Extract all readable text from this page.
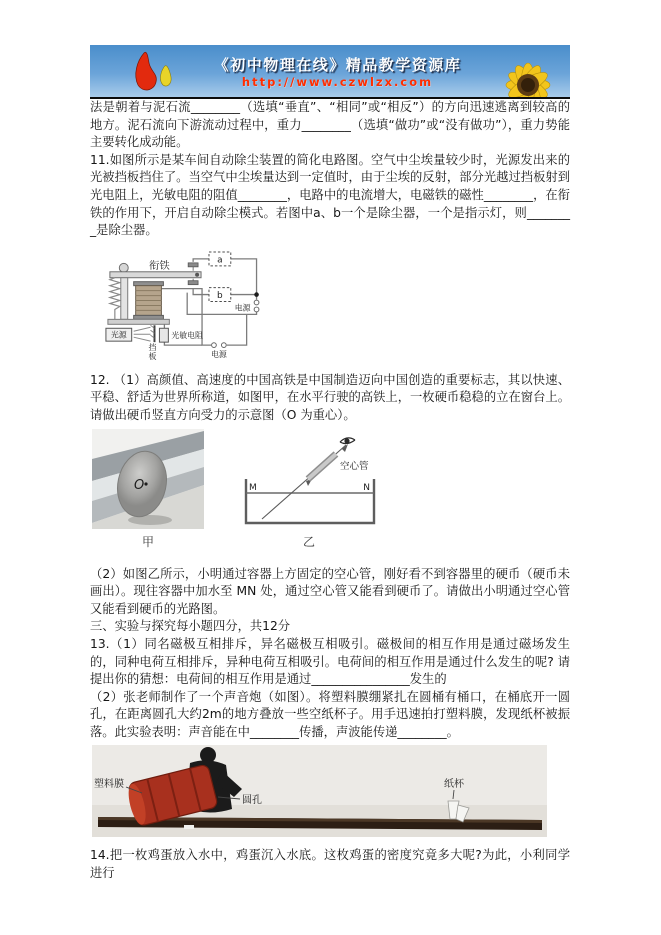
《初中物理在线》精品教学资源库
http://www.czwlzx.com

法是朝着与泥石流________（选填“垂直”、“相同”或“相反”）的方向迅速逃离到较高的地方。泥石流向下游流动过程中，重力________（选填“做功”或“没有做功”），重力势能主要转化成动能。

11.如图所示是某车间自动除尘装置的简化电路图。空气中尘埃量较少时，光源发出来的光被挡板挡住了。当空气中尘埃量达到一定值时，由于尘埃的反射，部分光越过挡板射到光电阻上，光敏电阻的阻值________，电路中的电流增大，电磁铁的磁性________，在衔铁的作用下，开启自动除尘模式。若图中a、b一个是除尘器，一个是指示灯，则________是除尘器。

衔铁	a
b
电源
电源
光源
挡
板
光敏电阻

12. （1）高颜值、高速度的中国高铁是中国制造迈向中国创造的重要标志，其以快速、平稳、舒适为世界所称道，如图甲，在水平行驶的高铁上，一枚硬币稳稳的立在窗台上。请做出硬币竖直方向受力的示意图（O 为重心）。

O
甲
M	N
空心管
乙

（2）如图乙所示，小明通过容器上方固定的空心管，刚好看不到容器里的硬币（硬币未画出）。现往容器中加水至 MN 处，通过空心管又能看到硬币了。请做出小明通过空心管又能看到硬币的光路图。

三、实验与探究每小题四分，共12分

13.（1）同名磁极互相排斥，异名磁极互相吸引。磁极间的相互作用是通过磁场发生的，同种电荷互相排斥，异种电荷互相吸引。电荷间的相互作用是通过什么发生的呢? 请提出你的猜想：电荷间的相互作用是通过________________发生的

（2）张老师制作了一个声音炮（如图）。将塑料膜绷紧扎在圆桶有桶口，在桶底开一圆孔，在距离圆孔大约2m的地方叠放一些空纸杯子。用手迅速拍打塑料膜，发现纸杯被振落。此实验表明：声音能在中________传播，声波能传递________。

塑料膜
圆孔
纸杯

14.把一枚鸡蛋放入水中，鸡蛋沉入水底。这枚鸡蛋的密度究竟多大呢?为此，小利同学进行
